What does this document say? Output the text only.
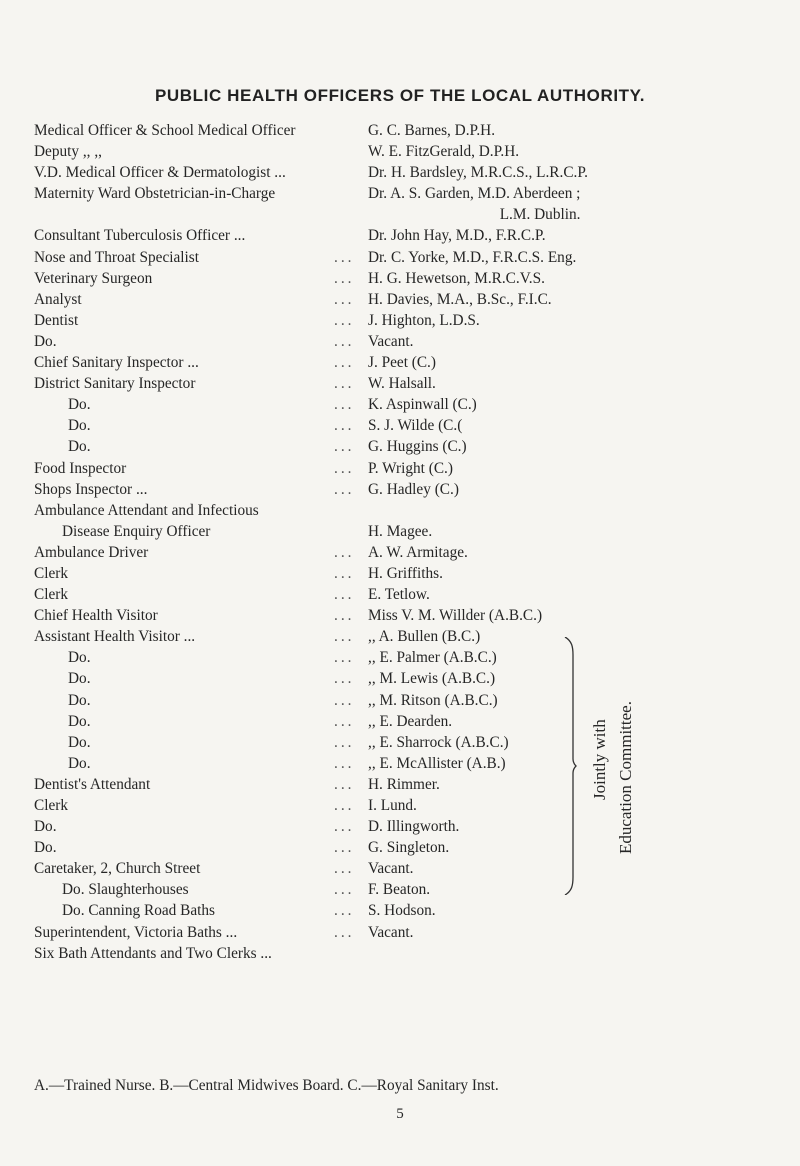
PUBLIC HEALTH OFFICERS OF THE LOCAL AUTHORITY.
Medical Officer & School Medical Officer	G. C. Barnes, D.P.H.
Deputy ,, ,,	W. E. FitzGerald, D.P.H.
V.D. Medical Officer & Dermatologist ...	Dr. H. Bardsley, M.R.C.S., L.R.C.P.
Maternity Ward Obstetrician-in-Charge	Dr. A. S. Garden, M.D. Aberdeen ;
L.M. Dublin.
Consultant Tuberculosis Officer ...	Dr. John Hay, M.D., F.R.C.P.
Nose and Throat Specialist	... Dr. C. Yorke, M.D., F.R.C.S. Eng.
Veterinary Surgeon	... H. G. Hewetson, M.R.C.V.S.
Analyst	... H. Davies, M.A., B.Sc., F.I.C.
Dentist	... J. Highton, L.D.S.
Do.	... Vacant.
Chief Sanitary Inspector ...	... J. Peet (C.)
District Sanitary Inspector	... W. Halsall.
Do.	... K. Aspinwall (C.)
Do.	... S. J. Wilde (C.(
Do.	... G. Huggins (C.)
Food Inspector	... P. Wright (C.)
Shops Inspector ...	... G. Hadley (C.)
Ambulance Attendant and Infectious
Disease Enquiry Officer	H. Magee.
Ambulance Driver	... A. W. Armitage.
Clerk	... H. Griffiths.
Clerk	... E. Tetlow.
Chief Health Visitor	... Miss V. M. Willder (A.B.C.)
Assistant Health Visitor ...	... ,, A. Bullen (B.C.)
Do.	... ,, E. Palmer (A.B.C.)
Do.	... ,, M. Lewis (A.B.C.)
Do.	... ,, M. Ritson (A.B.C.)
Do.	... ,, E. Dearden.
Do.	... ,, E. Sharrock (A.B.C.)
Do.	... ,, E. McAllister (A.B.)
Dentist's Attendant	... H. Rimmer.
Clerk	... I. Lund.
Do.	... D. Illingworth.
Do.	... G. Singleton.
Caretaker, 2, Church Street	... Vacant.
Do. Slaughterhouses	... F. Beaton.
Do. Canning Road Baths	... S. Hodson.
Superintendent, Victoria Baths ...	... Vacant.
Six Bath Attendants and Two Clerks ...
Jointly with Education Committee.
A.—Trained Nurse. B.—Central Midwives Board. C.—Royal Sanitary Inst.
5
